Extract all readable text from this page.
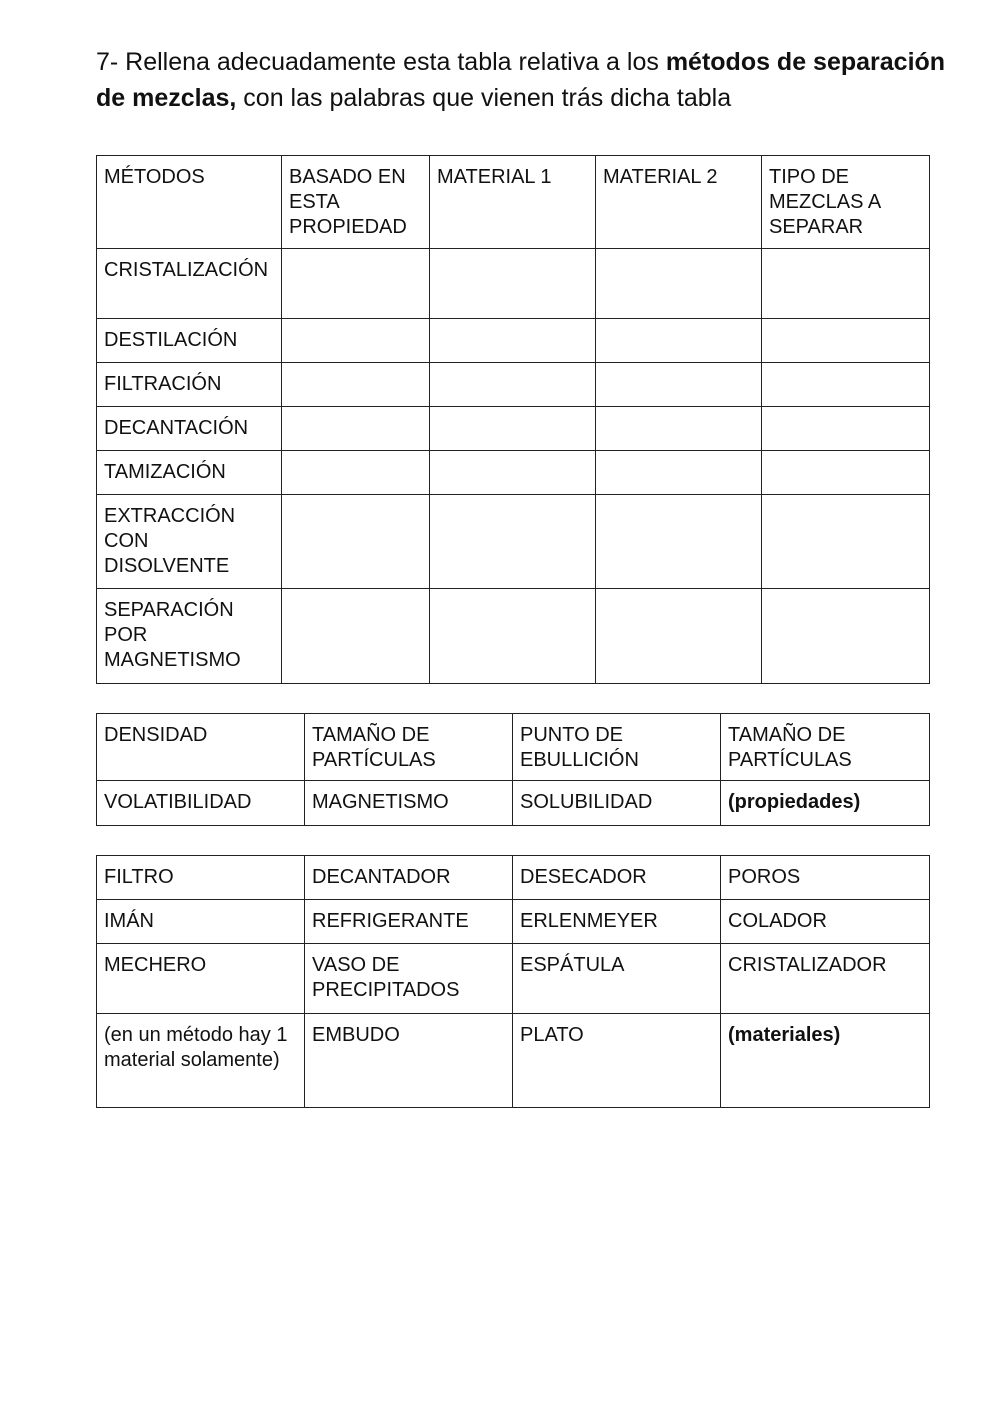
7- Rellena adecuadamente esta tabla relativa a los métodos de separación de mezclas, con las palabras que vienen trás dicha tabla

MÉTODOS	BASADO EN ESTA PROPIEDAD	MATERIAL 1	MATERIAL 2	TIPO DE MEZCLAS A SEPARAR
CRISTALIZACIÓN				
DESTILACIÓN				
FILTRACIÓN				
DECANTACIÓN				
TAMIZACIÓN				
EXTRACCIÓN CON DISOLVENTE				
SEPARACIÓN POR MAGNETISMO				
DENSIDAD	TAMAÑO DE PARTÍCULAS	PUNTO DE EBULLICIÓN	TAMAÑO DE PARTÍCULAS
VOLATIBILIDAD	MAGNETISMO	SOLUBILIDAD	(propiedades)
FILTRO	DECANTADOR	DESECADOR	POROS
IMÁN	REFRIGERANTE	ERLENMEYER	COLADOR
MECHERO	VASO DE PRECIPITADOS	ESPÁTULA	CRISTALIZADOR
(en un método hay 1 material solamente)	EMBUDO	PLATO	(materiales)
